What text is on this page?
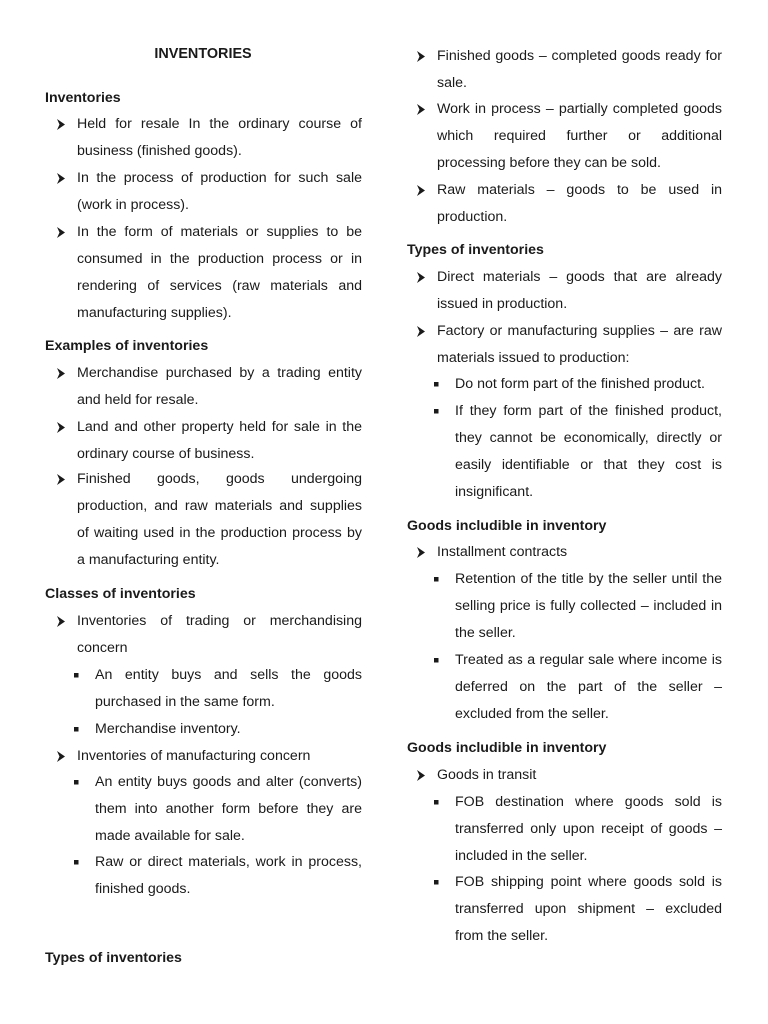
INVENTORIES
Inventories
Held for resale In the ordinary course of business (finished goods).
In the process of production for such sale (work in process).
In the form of materials or supplies to be consumed in the production process or in rendering of services (raw materials and manufacturing supplies).
Examples of inventories
Merchandise purchased by a trading entity and held for resale.
Land and other property held for sale in the ordinary course of business.
Finished goods, goods undergoing production, and raw materials and supplies of waiting used in the production process by a manufacturing entity.
Classes of inventories
Inventories of trading or merchandising concern
An entity buys and sells the goods purchased in the same form.
Merchandise inventory.
Inventories of manufacturing concern
An entity buys goods and alter (converts) them into another form before they are made available for sale.
Raw or direct materials, work in process, finished goods.
Types of inventories
Finished goods – completed goods ready for sale.
Work in process – partially completed goods which required further or additional processing before they can be sold.
Raw materials – goods to be used in production.
Types of inventories
Direct materials – goods that are already issued in production.
Factory or manufacturing supplies – are raw materials issued to production:
Do not form part of the finished product.
If they form part of the finished product, they cannot be economically, directly or easily identifiable or that they cost is insignificant.
Goods includible in inventory
Installment contracts
Retention of the title by the seller until the selling price is fully collected – included in the seller.
Treated as a regular sale where income is deferred on the part of the seller – excluded from the seller.
Goods includible in inventory
Goods in transit
FOB destination where goods sold is transferred only upon receipt of goods – included in the seller.
FOB shipping point where goods sold is transferred upon shipment – excluded from the seller.
